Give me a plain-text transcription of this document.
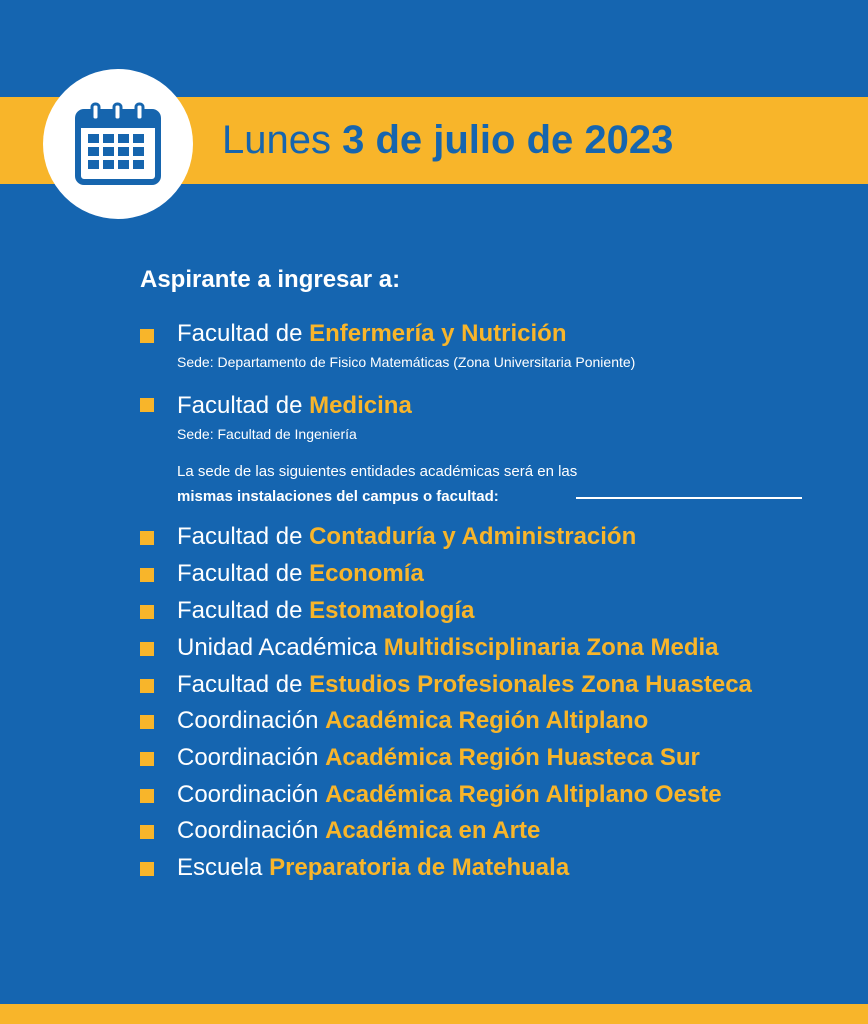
Lunes 3 de julio de 2023
Aspirante a ingresar a:
Facultad de Enfermería y Nutrición
Sede: Departamento de Fisico Matemáticas (Zona Universitaria Poniente)
Facultad de Medicina
Sede: Facultad de Ingeniería
La sede de las siguientes entidades académicas será en las
mismas instalaciones del campus o facultad:
Facultad de Contaduría y Administración
Facultad de Economía
Facultad de Estomatología
Unidad Académica Multidisciplinaria Zona Media
Facultad de Estudios Profesionales Zona Huasteca
Coordinación Académica Región Altiplano
Coordinación Académica Región Huasteca Sur
Coordinación Académica Región Altiplano Oeste
Coordinación Académica en Arte
Escuela Preparatoria de Matehuala
